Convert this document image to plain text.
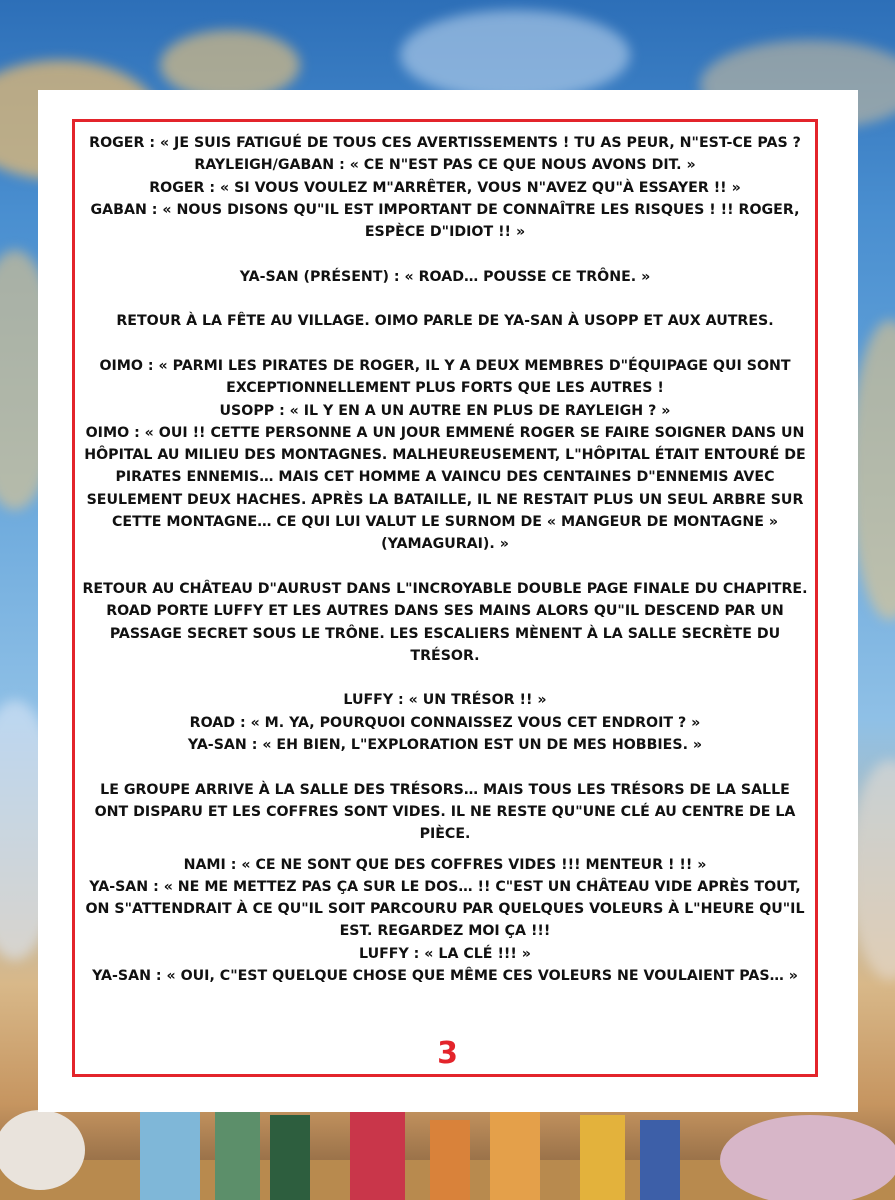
ROGER : « JE SUIS FATIGUÉ DE TOUS CES AVERTISSEMENTS ! TU AS PEUR, N"EST-CE PAS ?

RAYLEIGH/GABAN : « CE N"EST PAS CE QUE NOUS AVONS DIT. »

ROGER : « SI VOUS VOULEZ M"ARRÊTER, VOUS N"AVEZ QU"À ESSAYER !! »

GABAN : « NOUS DISONS QU"IL EST IMPORTANT DE CONNAÎTRE LES RISQUES ! !! ROGER, ESPÈCE D"IDIOT !! »

YA-SAN (PRÉSENT) : « ROAD… POUSSE CE TRÔNE. »

RETOUR À LA FÊTE AU VILLAGE. OIMO PARLE DE YA-SAN À USOPP ET AUX AUTRES.

OIMO : « PARMI LES PIRATES DE ROGER, IL Y A DEUX MEMBRES D"ÉQUIPAGE QUI SONT EXCEPTIONNELLEMENT PLUS FORTS QUE LES AUTRES !

USOPP : « IL Y EN A UN AUTRE EN PLUS DE RAYLEIGH ? »

OIMO : « OUI !! CETTE PERSONNE A UN JOUR EMMENÉ ROGER SE FAIRE SOIGNER DANS UN HÔPITAL AU MILIEU DES MONTAGNES. MALHEUREUSEMENT, L"HÔPITAL ÉTAIT ENTOURÉ DE PIRATES ENNEMIS… MAIS CET HOMME A VAINCU DES CENTAINES D"ENNEMIS AVEC SEULEMENT DEUX HACHES. APRÈS LA BATAILLE, IL NE RESTAIT PLUS UN SEUL ARBRE SUR CETTE MONTAGNE… CE QUI LUI VALUT LE SURNOM DE « MANGEUR DE MONTAGNE » (YAMAGURAI). »

RETOUR AU CHÂTEAU D"AURUST DANS L"INCROYABLE DOUBLE PAGE FINALE DU CHAPITRE. ROAD PORTE LUFFY ET LES AUTRES DANS SES MAINS ALORS QU"IL DESCEND PAR UN PASSAGE SECRET SOUS LE TRÔNE. LES ESCALIERS MÈNENT À LA SALLE SECRÈTE DU TRÉSOR.

LUFFY : « UN TRÉSOR !! »

ROAD : « M. YA, POURQUOI CONNAISSEZ VOUS CET ENDROIT ? »

YA-SAN : « EH BIEN, L"EXPLORATION EST UN DE MES HOBBIES. »

LE GROUPE ARRIVE À LA SALLE DES TRÉSORS… MAIS TOUS LES TRÉSORS DE LA SALLE ONT DISPARU ET LES COFFRES SONT VIDES. IL NE RESTE QU"UNE CLÉ AU CENTRE DE LA PIÈCE.

NAMI : « CE NE SONT QUE DES COFFRES VIDES !!! MENTEUR ! !! »

YA-SAN : « NE ME METTEZ PAS ÇA SUR LE DOS… !! C"EST UN CHÂTEAU VIDE APRÈS TOUT, ON S"ATTENDRAIT À CE QU"IL SOIT PARCOURU PAR QUELQUES VOLEURS À L"HEURE QU"IL EST. REGARDEZ MOI ÇA !!!

LUFFY : « LA CLÉ !!! »

YA-SAN : « OUI, C"EST QUELQUE CHOSE QUE MÊME CES VOLEURS NE VOULAIENT PAS… »

3
